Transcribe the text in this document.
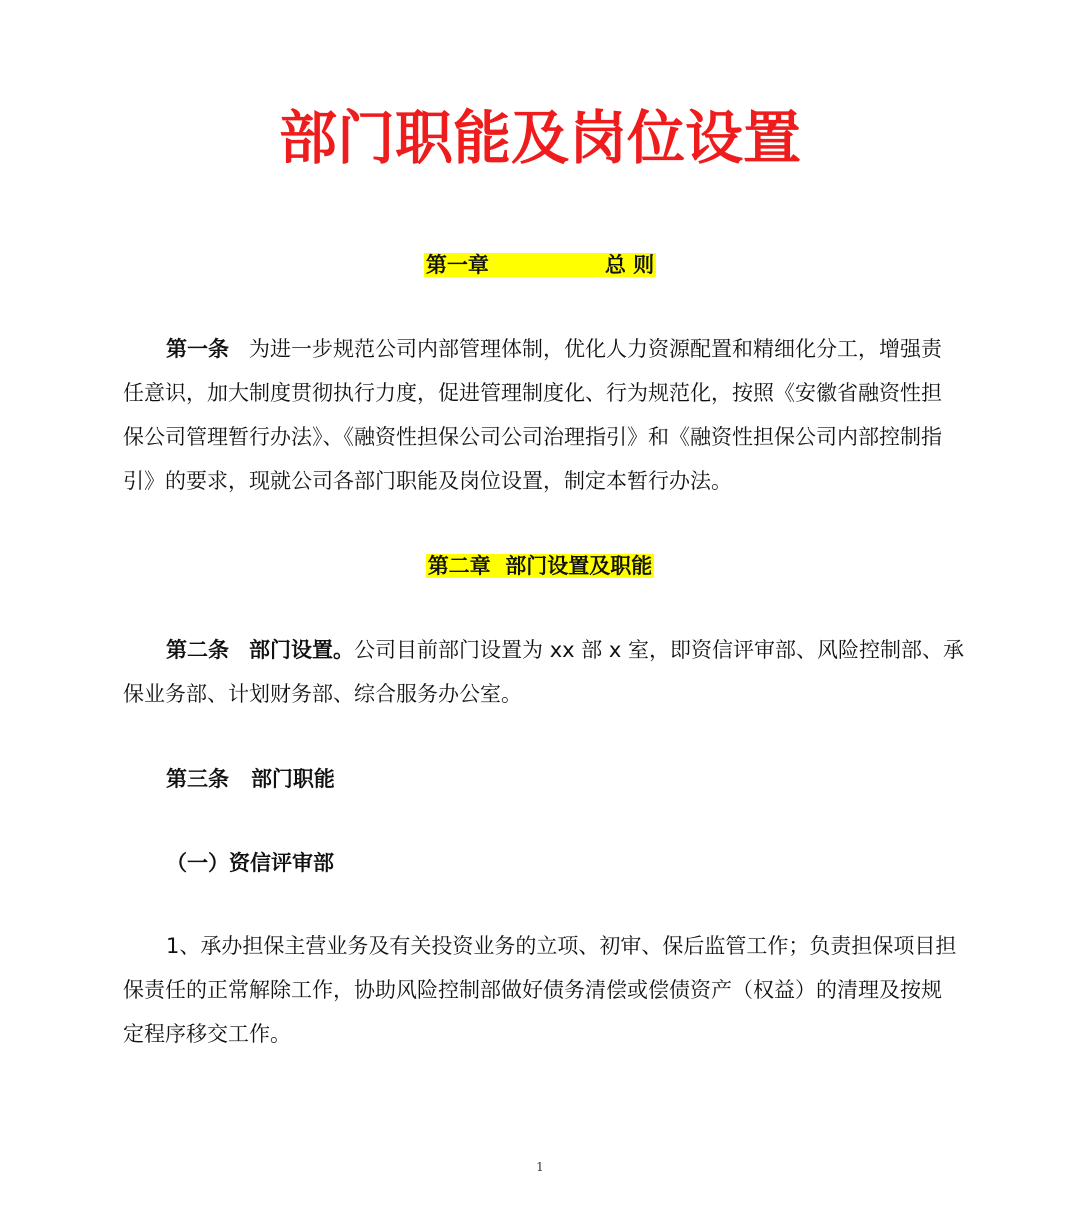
部门职能及岗位设置
第一章	总 则
第一条 为进一步规范公司内部管理体制，优化人力资源配置和精细化分工，增强责
任意识，加大制度贯彻执行力度，促进管理制度化、行为规范化，按照《安徽省融资性担
保公司管理暂行办法》、《融资性担保公司公司治理指引》和《融资性担保公司内部控制指
引》的要求，现就公司各部门职能及岗位设置，制定本暂行办法。
第二章  部门设置及职能
第二条 部门设置。公司目前部门设置为 xx 部 x 室，即资信评审部、风险控制部、承
保业务部、计划财务部、综合服务办公室。
第三条 部门职能
（一）资信评审部
1、承办担保主营业务及有关投资业务的立项、初审、保后监管工作；负责担保项目担
保责任的正常解除工作，协助风险控制部做好债务清偿或偿债资产（权益）的清理及按规
定程序移交工作。
1
